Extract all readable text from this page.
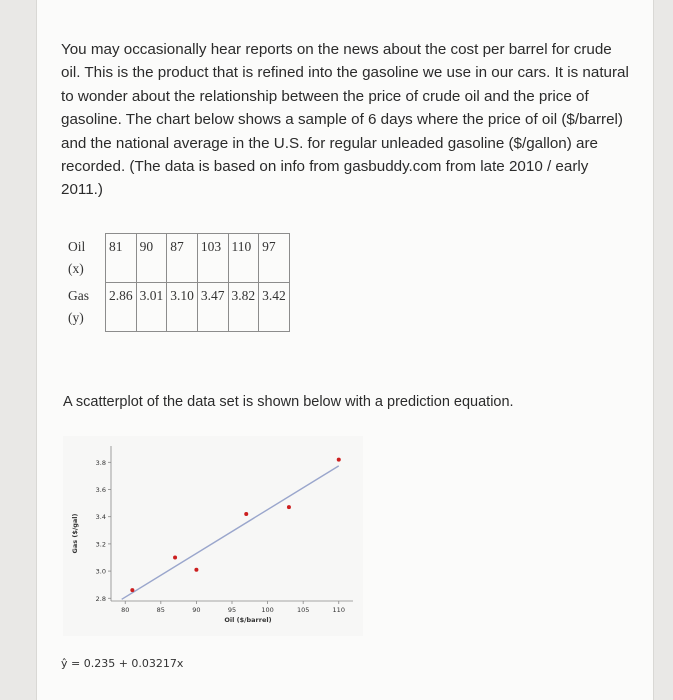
You may occasionally hear reports on the news about the cost per barrel for crude oil. This is the product that is refined into the gasoline we use in our cars. It is natural to wonder about the relationship between the price of crude oil and the price of gasoline. The chart below shows a sample of 6 days where the price of oil ($/barrel) and the national average in the U.S. for regular unleaded gasoline ($/gallon) are recorded. (The data is based on info from gasbuddy.com from late 2010 / early 2011.)

Oil
(x)	81	90	87	103	110	97
Gas
(y)	2.86	3.01	3.10	3.47	3.82	3.42

A scatterplot of the data set is shown below with a prediction equation.

2.8
3.0
3.2
3.4
3.6
3.8
80	85	90	95	100	105	110
Oil ($/barrel)
Gas ($/gal)
ŷ = 0.235 + 0.03217x
